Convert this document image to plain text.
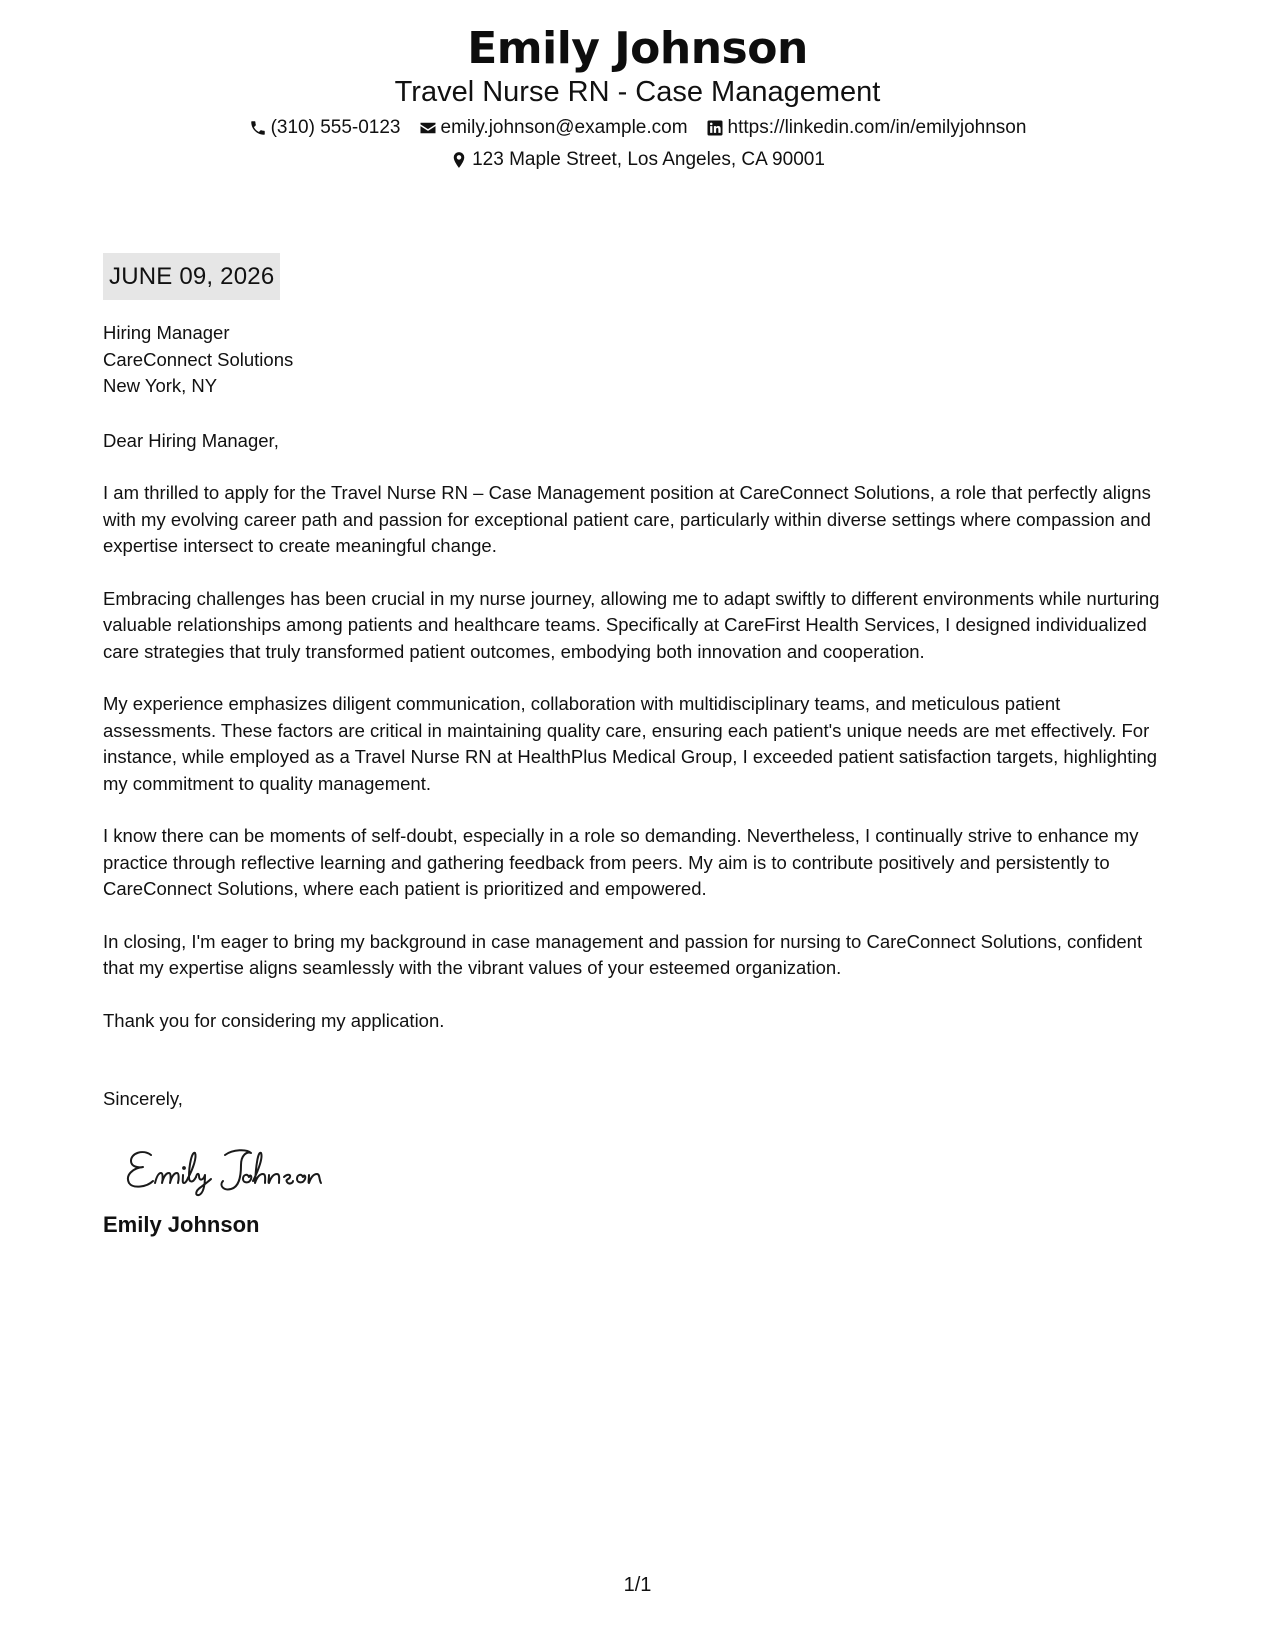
Emily Johnson
Travel Nurse RN - Case Management
(310) 555-0123 emily.johnson@example.com https://linkedin.com/in/emilyjohnson
123 Maple Street, Los Angeles, CA 90001
JUNE 09, 2026
Hiring Manager
CareConnect Solutions
New York, NY
Dear Hiring Manager,
I am thrilled to apply for the Travel Nurse RN – Case Management position at CareConnect Solutions, a role that perfectly aligns with my evolving career path and passion for exceptional patient care, particularly within diverse settings where compassion and expertise intersect to create meaningful change.
Embracing challenges has been crucial in my nurse journey, allowing me to adapt swiftly to different environments while nurturing valuable relationships among patients and healthcare teams. Specifically at CareFirst Health Services, I designed individualized care strategies that truly transformed patient outcomes, embodying both innovation and cooperation.
My experience emphasizes diligent communication, collaboration with multidisciplinary teams, and meticulous patient assessments. These factors are critical in maintaining quality care, ensuring each patient's unique needs are met effectively. For instance, while employed as a Travel Nurse RN at HealthPlus Medical Group, I exceeded patient satisfaction targets, highlighting my commitment to quality management.
I know there can be moments of self-doubt, especially in a role so demanding. Nevertheless, I continually strive to enhance my practice through reflective learning and gathering feedback from peers. My aim is to contribute positively and persistently to CareConnect Solutions, where each patient is prioritized and empowered.
In closing, I'm eager to bring my background in case management and passion for nursing to CareConnect Solutions, confident that my expertise aligns seamlessly with the vibrant values of your esteemed organization.
Thank you for considering my application.
Sincerely,
Emily Johnson
1/1
